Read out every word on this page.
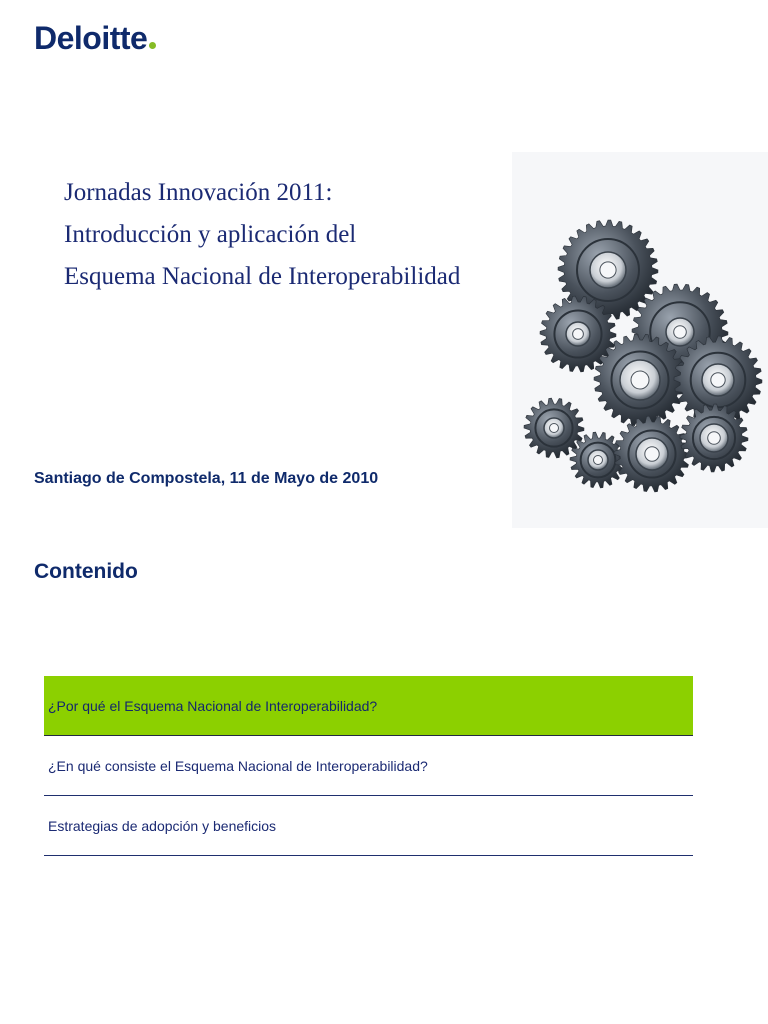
Deloitte
Jornadas Innovación 2011:
Introducción y aplicación del
Esquema Nacional de Interoperabilidad
Santiago de Compostela, 11 de Mayo de 2010
Contenido
¿Por qué el Esquema Nacional de Interoperabilidad?
¿En qué consiste el Esquema Nacional de Interoperabilidad?
Estrategias de adopción y beneficios
